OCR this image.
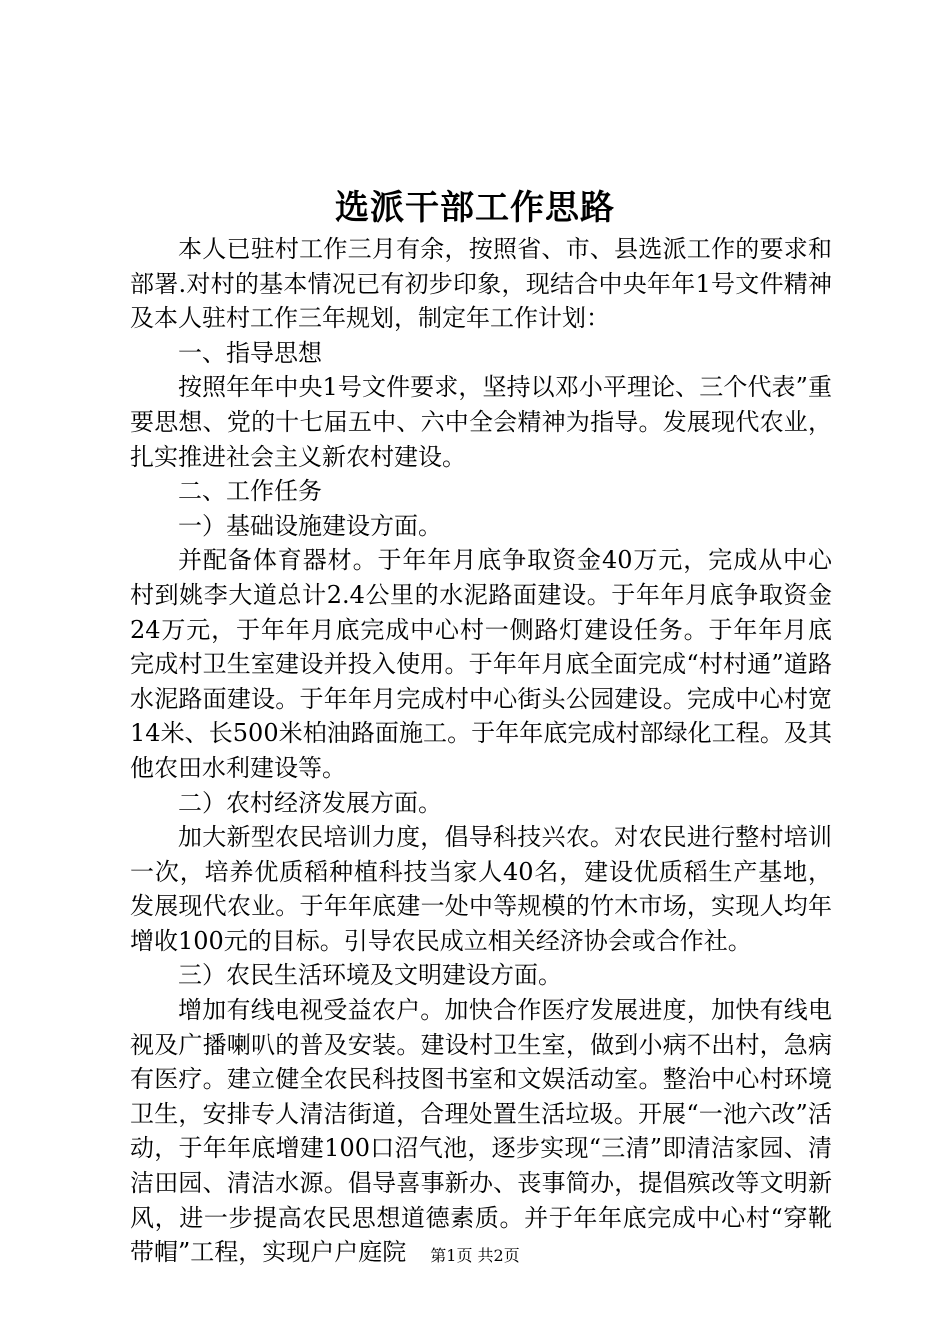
选派干部工作思路

本人已驻村工作三月有余，按照省、市、县选派工作的要求和部署.对村的基本情况已有初步印象，现结合中央年年1号文件精神及本人驻村工作三年规划，制定年工作计划：

一、指导思想

按照年年中央1号文件要求，坚持以邓小平理论、三个代表”重要思想、党的十七届五中、六中全会精神为指导。发展现代农业，扎实推进社会主义新农村建设。

二、工作任务

一）基础设施建设方面。

并配备体育器材。于年年月底争取资金40万元，完成从中心村到姚李大道总计2.4公里的水泥路面建设。于年年月底争取资金24万元，于年年月底完成中心村一侧路灯建设任务。于年年月底完成村卫生室建设并投入使用。于年年月底全面完成“村村通”道路水泥路面建设。于年年月完成村中心街头公园建设。完成中心村宽14米、长500米柏油路面施工。于年年底完成村部绿化工程。及其他农田水利建设等。

二）农村经济发展方面。

加大新型农民培训力度，倡导科技兴农。对农民进行整村培训一次，培养优质稻种植科技当家人40名，建设优质稻生产基地，发展现代农业。于年年底建一处中等规模的竹木市场，实现人均年增收100元的目标。引导农民成立相关经济协会或合作社。

三）农民生活环境及文明建设方面。

增加有线电视受益农户。加快合作医疗发展进度，加快有线电视及广播喇叭的普及安装。建设村卫生室，做到小病不出村，急病有医疗。建立健全农民科技图书室和文娱活动室。整治中心村环境卫生，安排专人清洁街道，合理处置生活垃圾。开展“一池六改”活动，于年年底增建100口沼气池，逐步实现“三清”即清洁家园、清洁田园、清洁水源。倡导喜事新办、丧事简办，提倡殡改等文明新风，进一步提高农民思想道德素质。并于年年底完成中心村“穿靴带帽”工程，实现户户庭院	第1页 共2页
